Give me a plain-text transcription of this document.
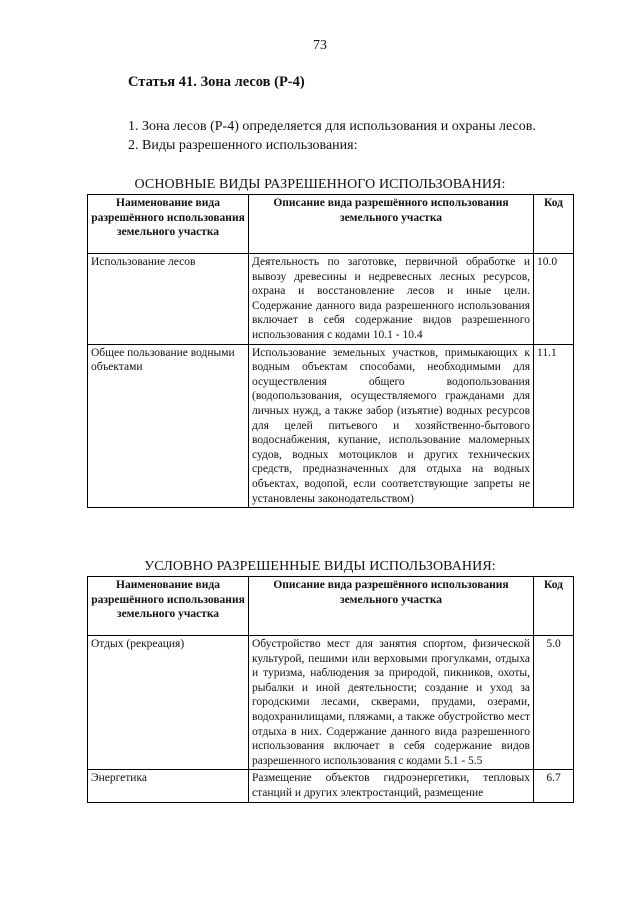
73
Статья 41. Зона лесов (Р-4)
1. Зона лесов (Р-4) определяется для использования и охраны лесов.
2. Виды разрешенного использования:
ОСНОВНЫЕ ВИДЫ РАЗРЕШЕННОГО ИСПОЛЬЗОВАНИЯ:
Наименование вида разрешённого использования земельного участка	Описание вида разрешённого использования земельного участка	Код
Использование лесов	Деятельность по заготовке, первичной обработке и вывозу древесины и недревесных лесных ресурсов, охрана и восстановление лесов и иные цели. Содержание данного вида разрешенного использования включает в себя содержание видов разрешенного использования с кодами 10.1 - 10.4	10.0
Общее пользование водными объектами	Использование земельных участков, примыкающих к водным объектам способами, необходимыми для осуществления общего водопользования (водопользования, осуществляемого гражданами для личных нужд, а также забор (изъятие) водных ресурсов для целей питьевого и хозяйственно-бытового водоснабжения, купание, использование маломерных судов, водных мотоциклов и других технических средств, предназначенных для отдыха на водных объектах, водопой, если соответствующие запреты не установлены законодательством)	11.1
УСЛОВНО РАЗРЕШЕННЫЕ ВИДЫ ИСПОЛЬЗОВАНИЯ:
Наименование вида разрешённого использования земельного участка	Описание вида разрешённого использования земельного участка	Код
Отдых (рекреация)	Обустройство мест для занятия спортом, физической культурой, пешими или верховыми прогулками, отдыха и туризма, наблюдения за природой, пикников, охоты, рыбалки и иной деятельности; создание и уход за городскими лесами, скверами, прудами, озерами, водохранилищами, пляжами, а также обустройство мест отдыха в них. Содержание данного вида разрешенного использования включает в себя содержание видов разрешенного использования с кодами 5.1 - 5.5	5.0
Энергетика	Размещение объектов гидроэнергетики, тепловых станций и других электростанций, размещение	6.7
